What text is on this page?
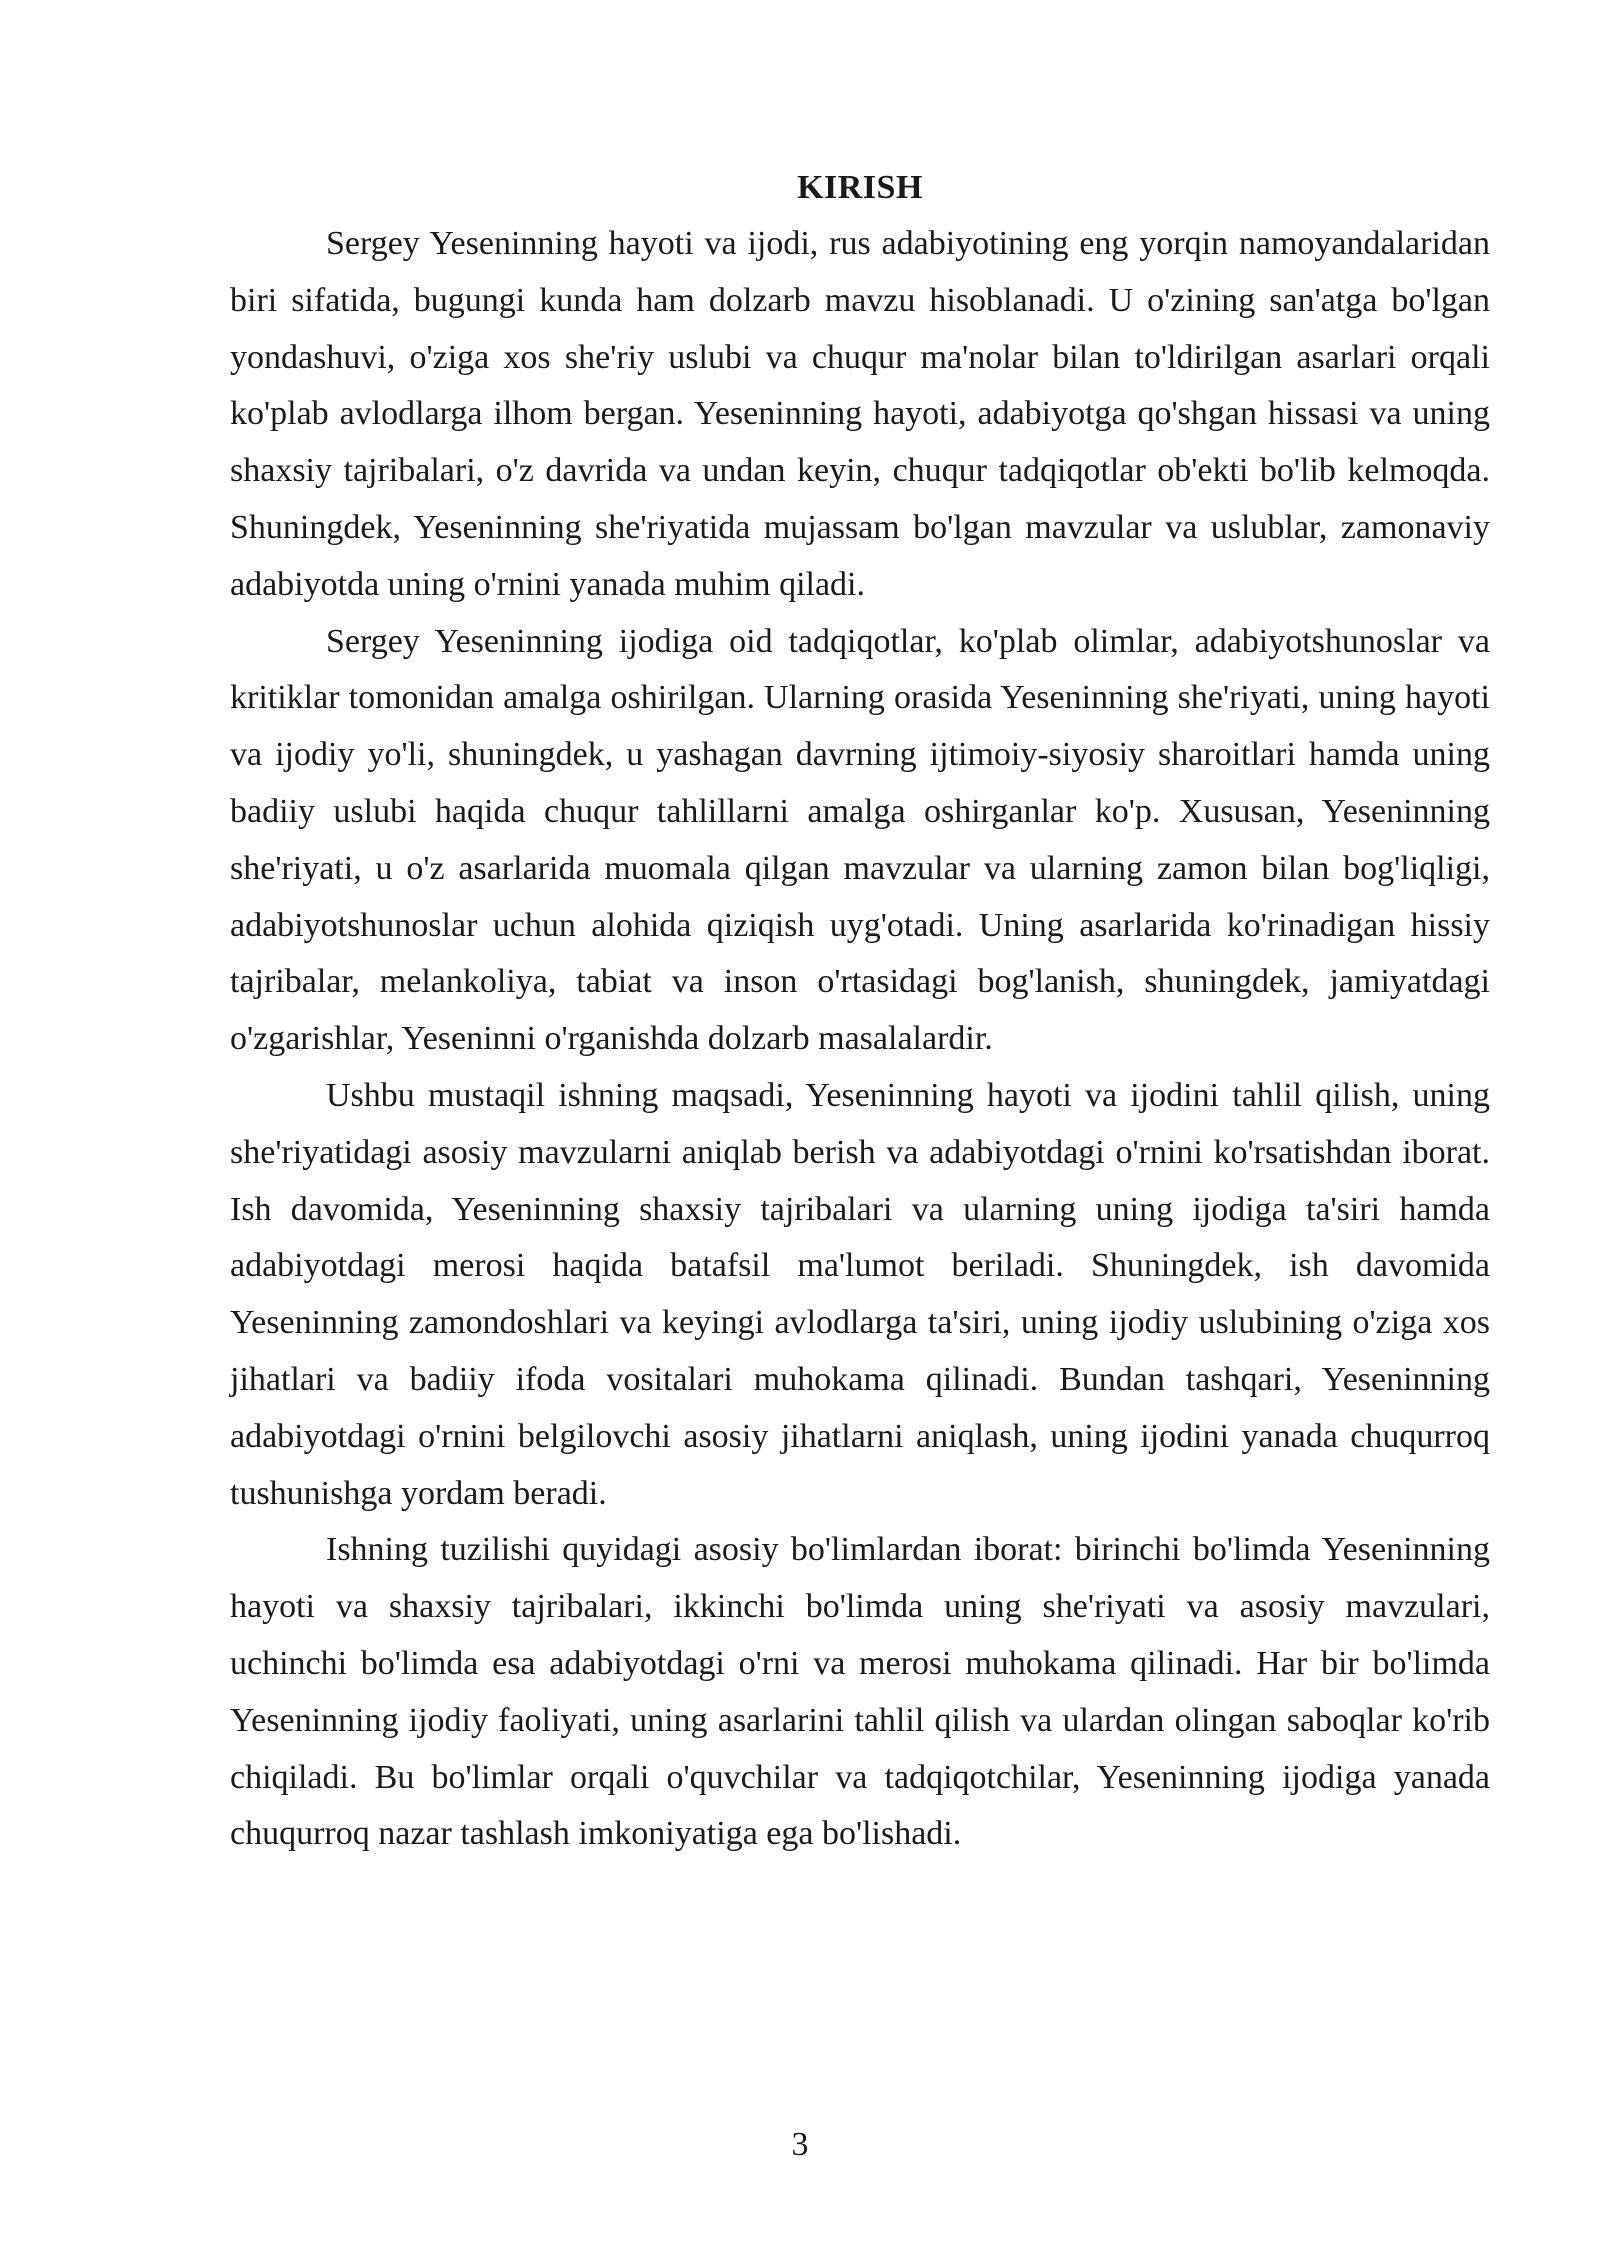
KIRISH

Sergey Yeseninning hayoti va ijodi, rus adabiyotining eng yorqin namoyandalaridan biri sifatida, bugungi kunda ham dolzarb mavzu hisoblanadi. U o'zining san'atga bo'lgan yondashuvi, o'ziga xos she'riy uslubi va chuqur ma'nolar bilan to'ldirilgan asarlari orqali ko'plab avlodlarga ilhom bergan. Yeseninning hayoti, adabiyotga qo'shgan hissasi va uning shaxsiy tajribalari, o'z davrida va undan keyin, chuqur tadqiqotlar ob'ekti bo'lib kelmoqda. Shuningdek, Yeseninning she'riyatida mujassam bo'lgan mavzular va uslublar, zamonaviy adabiyotda uning o'rnini yanada muhim qiladi.

Sergey Yeseninning ijodiga oid tadqiqotlar, ko'plab olimlar, adabiyotshunoslar va kritiklar tomonidan amalga oshirilgan. Ularning orasida Yeseninning she'riyati, uning hayoti va ijodiy yo'li, shuningdek, u yashagan davrning ijtimoiy-siyosiy sharoitlari hamda uning badiiy uslubi haqida chuqur tahlillarni amalga oshirganlar ko'p. Xususan, Yeseninning she'riyati, u o'z asarlarida muomala qilgan mavzular va ularning zamon bilan bog'liqligi, adabiyotshunoslar uchun alohida qiziqish uyg'otadi. Uning asarlarida ko'rinadigan hissiy tajribalar, melankoliya, tabiat va inson o'rtasidagi bog'lanish, shuningdek, jamiyatdagi o'zgarishlar, Yeseninni o'rganishda dolzarb masalalardir.

Ushbu mustaqil ishning maqsadi, Yeseninning hayoti va ijodini tahlil qilish, uning she'riyatidagi asosiy mavzularni aniqlab berish va adabiyotdagi o'rnini ko'rsatishdan iborat. Ish davomida, Yeseninning shaxsiy tajribalari va ularning uning ijodiga ta'siri hamda adabiyotdagi merosi haqida batafsil ma'lumot beriladi. Shuningdek, ish davomida Yeseninning zamondoshlari va keyingi avlodlarga ta'siri, uning ijodiy uslubining o'ziga xos jihatlari va badiiy ifoda vositalari muhokama qilinadi. Bundan tashqari, Yeseninning adabiyotdagi o'rnini belgilovchi asosiy jihatlarni aniqlash, uning ijodini yanada chuqurroq tushunishga yordam beradi.

Ishning tuzilishi quyidagi asosiy bo'limlardan iborat: birinchi bo'limda Yeseninning hayoti va shaxsiy tajribalari, ikkinchi bo'limda uning she'riyati va asosiy mavzulari, uchinchi bo'limda esa adabiyotdagi o'rni va merosi muhokama qilinadi. Har bir bo'limda Yeseninning ijodiy faoliyati, uning asarlarini tahlil qilish va ulardan olingan saboqlar ko'rib chiqiladi. Bu bo'limlar orqali o'quvchilar va tadqiqotchilar, Yeseninning ijodiga yanada chuqurroq nazar tashlash imkoniyatiga ega bo'lishadi.

3
